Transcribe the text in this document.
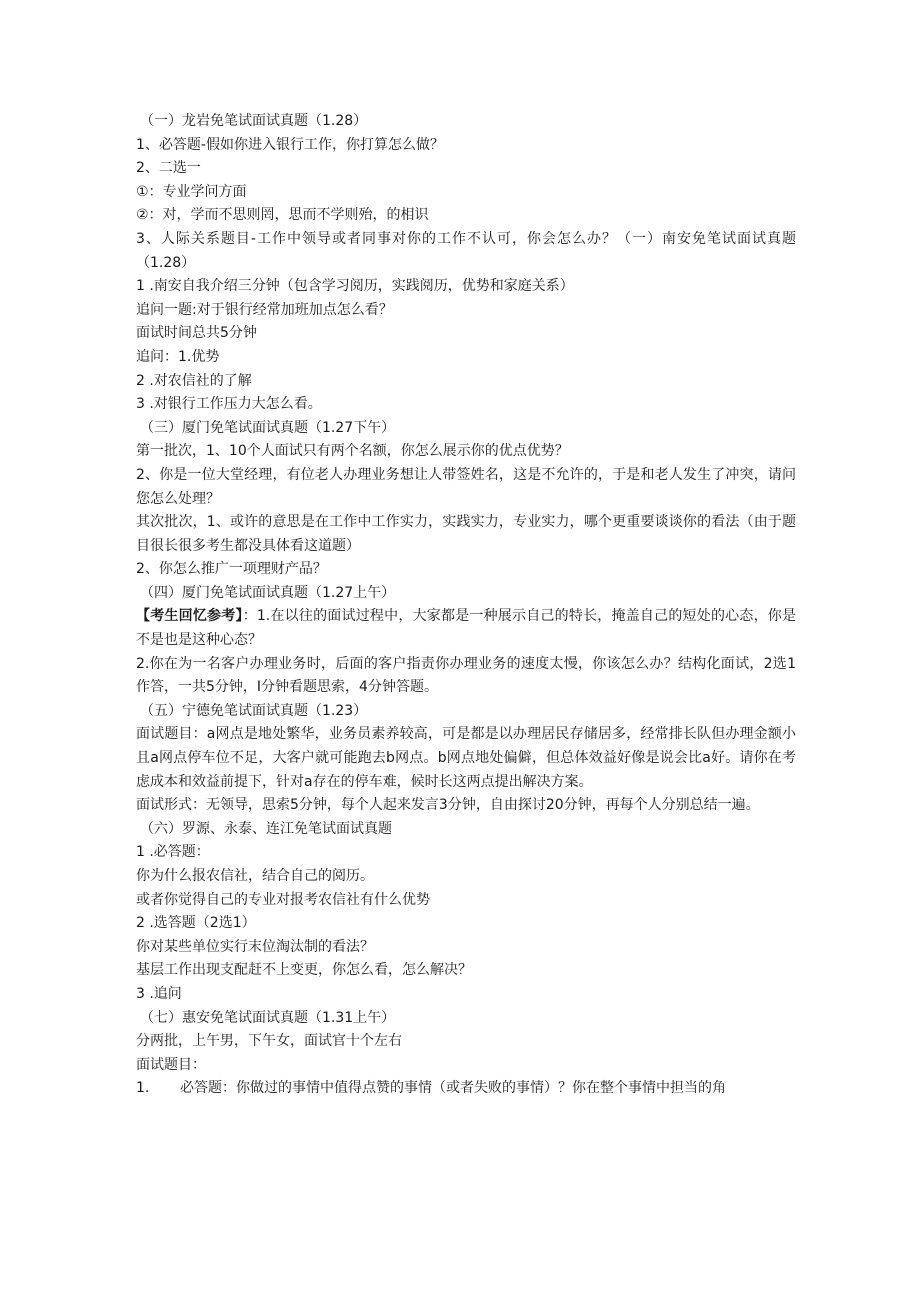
（一）龙岩免笔试面试真题（1.28）
1、必答题-假如你进入银行工作，你打算怎么做？
2、二选一
①：专业学问方面
②：对，学而不思则罔，思而不学则殆，的相识
3、人际关系题目-工作中领导或者同事对你的工作不认可，你会怎么办？（一）南安免笔试面试真题（1.28）
1 .南安自我介绍三分钟（包含学习阅历，实践阅历，优势和家庭关系）
追问一题:对于银行经常加班加点怎么看？
面试时间总共5分钟
追问：1.优势
2 .对农信社的了解
3 .对银行工作压力大怎么看。
（三）厦门免笔试面试真题（1.27下午）
第一批次，1、10个人面试只有两个名额，你怎么展示你的优点优势？
2、你是一位大堂经理，有位老人办理业务想让人带签姓名，这是不允许的，于是和老人发生了冲突，请问您怎么处理？
其次批次，1、或许的意思是在工作中工作实力，实践实力，专业实力，哪个更重要谈谈你的看法（由于题目很长很多考生都没具体看这道题）
2、你怎么推广一项理财产品？
（四）厦门免笔试面试真题（1.27上午）
【考生回忆参考】：1.在以往的面试过程中，大家都是一种展示自己的特长，掩盖自己的短处的心态，你是不是也是这种心态？
2.你在为一名客户办理业务时，后面的客户指责你办理业务的速度太慢，你该怎么办？结构化面试，2选1作答，一共5分钟，I分钟看题思索，4分钟答题。
（五）宁德免笔试面试真题（1.23）
面试题目：a网点是地处繁华，业务员素养较高，可是都是以办理居民存储居多，经常排长队但办理金额小且a网点停车位不足，大客户就可能跑去b网点。b网点地处偏僻，但总体效益好像是说会比a好。请你在考虑成本和效益前提下，针对a存在的停车难，候时长这两点提出解决方案。
面试形式：无领导，思索5分钟，每个人起来发言3分钟，自由探讨20分钟，再每个人分别总结一遍。
（六）罗源、永泰、连江免笔试面试真题
1 .必答题：
你为什么报农信社，结合自己的阅历。
或者你觉得自己的专业对报考农信社有什么优势
2 .选答题（2选1）
你对某些单位实行末位淘汰制的看法？
基层工作出现支配赶不上变更，你怎么看，怎么解决？
3 .追问
（七）惠安免笔试面试真题（1.31上午）
分两批，上午男，下午女，面试官十个左右
面试题目：
1. 必答题：你做过的事情中值得点赞的事情（或者失败的事情）？你在整个事情中担当的角
